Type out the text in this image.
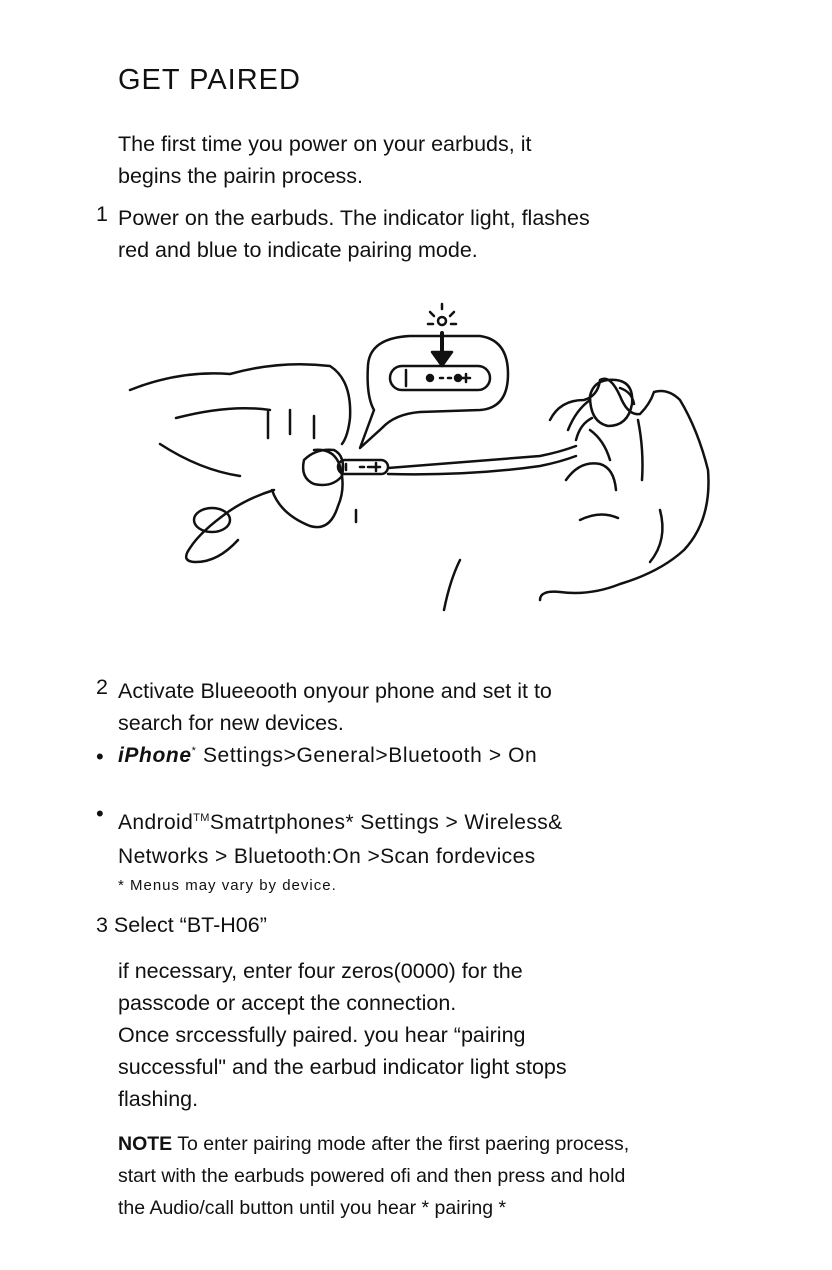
GET PAIRED
The first time you power on your earbuds, it
begins the pairin process.
1 Power on the earbuds. The indicator light, flashes
red and blue to indicate pairing mode.
2 Activate Blueeooth onyour phone and set it to
search for new devices.
• iPhone* Settings>General>Bluetooth > On
• Android™Smatrtphones* Settings > Wireless&
Networks > Bluetooth:On >Scan fordevices
* Menus may vary by device.
3 Select “BT-H06”
if necessary, enter four zeros(0000) for the
passcode or accept the connection.
Once srccessfully paired. you hear “pairing
successful" and the earbud indicator light stops
flashing.
NOTE To enter pairing mode after the first paering process,
start with the earbuds powered ofi and then press and hold
the Audio/call button until you hear * pairing *
